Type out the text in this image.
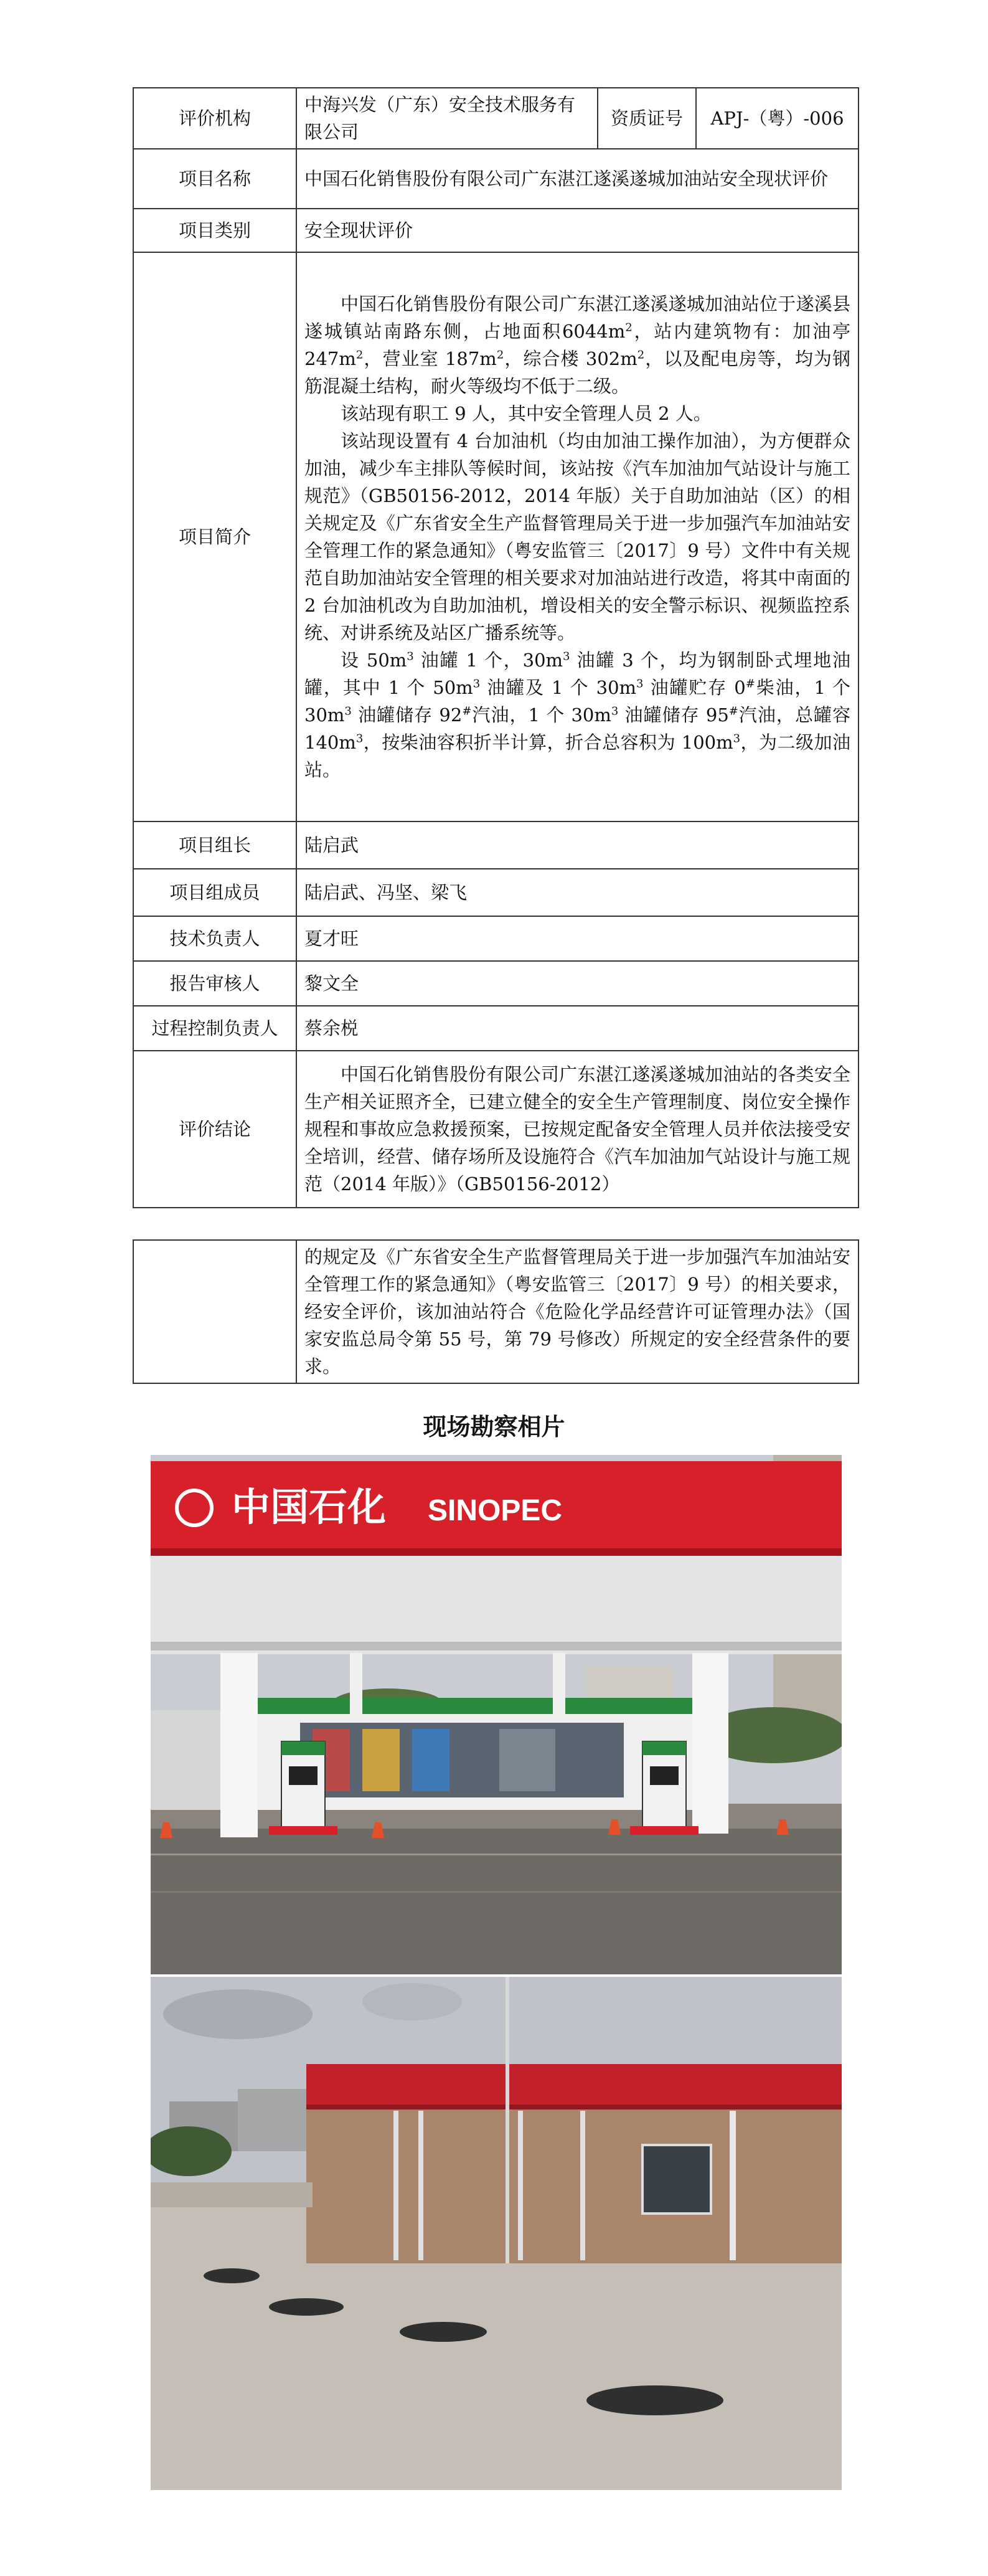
评价机构	中海兴发（广东）安全技术服务有限公司	资质证号	APJ-（粤）-006
项目名称	中国石化销售股份有限公司广东湛江遂溪遂城加油站安全现状评价		
项目类别	安全现状评价		
项目简介	中国石化销售股份有限公司广东湛江遂溪遂城加油站位于遂溪县遂城镇站南路东侧，占地面积$6044m^2$，站内建筑物有：加油亭 $247m^2$，营业室 $187m^2$，综合楼 $302m^2$，以及配电房等，均为钢筋混凝土结构，耐火等级均不低于二级。

该站现有职工 9 人，其中安全管理人员 2 人。

该站现设置有 4 台加油机（均由加油工操作加油），为方便群众加油，减少车主排队等候时间，该站按《汽车加油加气站设计与施工规范》（GB50156-2012，2014 年版）关于自助加油站（区）的相关规定及《广东省安全生产监督管理局关于进一步加强汽车加油站安全管理工作的紧急通知》（粤安监管三〔2017〕9 号）文件中有关规范自助加油站安全管理的相关要求对加油站进行改造，将其中南面的 2 台加油机改为自助加油机，增设相关的安全警示标识、视频监控系统、对讲系统及站区广播系统等。

设 $50m^3$ 油罐 1 个，$30m^3$ 油罐 3 个，均为钢制卧式埋地油罐，其中 1 个 $50m^3$ 油罐及 1 个 $30m^3$ 油罐贮存 0#柴油，1 个 $30m^3$ 油罐储存 92#汽油，1 个 $30m^3$ 油罐储存 95#汽油，总罐容 $140m^3$，按柴油容积折半计算，折合总容积为 $100m^3$，为二级加油站。		

项目组长	陆启武		
项目组成员	陆启武、冯坚、梁飞		
技术负责人	夏才旺		
报告审核人	黎文全		
过程控制负责人	蔡余棁		
评价结论	中国石化销售股份有限公司广东湛江遂溪遂城加油站的各类安全生产相关证照齐全，已建立健全的安全生产管理制度、岗位安全操作规程和事故应急救援预案，已按规定配备安全管理人员并依法接受安全培训，经营、储存场所及设施符合《汽车加油加气站设计与施工规范（2014 年版）》（GB50156-2012）		

的规定及《广东省安全生产监督管理局关于进一步加强汽车加油站安全管理工作的紧急通知》（粤安监管三〔2017〕9 号）的相关要求，经安全评价，该加油站符合《危险化学品经营许可证管理办法》（国家安监总局令第 55 号，第 79 号修改）所规定的安全经营条件的要求。

现场勘察相片
中国石化 SINOPEC
